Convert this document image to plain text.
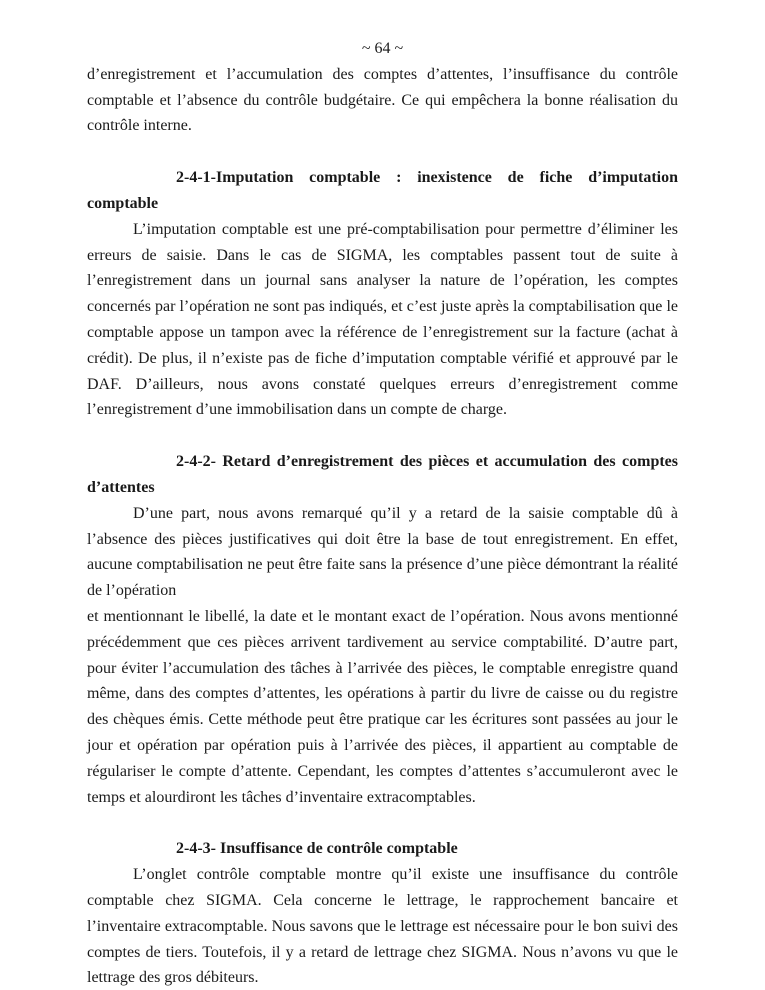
~ 64 ~

d’enregistrement et l’accumulation des comptes d’attentes, l’insuffisance du contrôle comptable et l’absence du contrôle budgétaire. Ce qui empêchera la bonne réalisation du contrôle interne.

2-4-1-Imputation comptable : inexistence de fiche d’imputation comptable

L’imputation comptable est une pré-comptabilisation pour permettre d’éliminer les erreurs de saisie. Dans le cas de SIGMA, les comptables passent tout de suite à l’enregistrement dans un journal sans analyser la nature de l’opération, les comptes concernés par l’opération ne sont pas indiqués, et c’est juste après la comptabilisation que le comptable appose un tampon avec la référence de l’enregistrement sur la facture (achat à crédit). De plus, il n’existe pas de fiche d’imputation comptable vérifié et approuvé par le DAF. D’ailleurs, nous avons constaté quelques erreurs d’enregistrement comme l’enregistrement d’une immobilisation dans un compte de charge.

2-4-2- Retard d’enregistrement des pièces et accumulation des comptes d’attentes

D’une part, nous avons remarqué qu’il y a retard de la saisie comptable dû à l’absence des pièces justificatives qui doit être la base de tout enregistrement. En effet, aucune comptabilisation ne peut être faite sans la présence d’une pièce démontrant la réalité de l’opération

et mentionnant le libellé, la date et le montant exact de l’opération. Nous avons mentionné précédemment que ces pièces arrivent tardivement au service comptabilité. D’autre part, pour éviter l’accumulation des tâches à l’arrivée des pièces, le comptable enregistre quand même, dans des comptes d’attentes, les opérations à partir du livre de caisse ou du registre des chèques émis. Cette méthode peut être pratique car les écritures sont passées au jour le jour et opération par opération puis à l’arrivée des pièces, il appartient au comptable de régulariser le compte d’attente. Cependant, les comptes d’attentes s’accumuleront avec le temps et alourdiront les tâches d’inventaire extracomptables.

2-4-3- Insuffisance de contrôle comptable

L’onglet contrôle comptable montre qu’il existe une insuffisance du contrôle comptable chez SIGMA. Cela concerne le lettrage, le rapprochement bancaire et l’inventaire extracomptable. Nous savons que le lettrage est nécessaire pour le bon suivi des comptes de tiers. Toutefois, il y a retard de lettrage chez SIGMA. Nous n’avons vu que le lettrage des gros débiteurs.
